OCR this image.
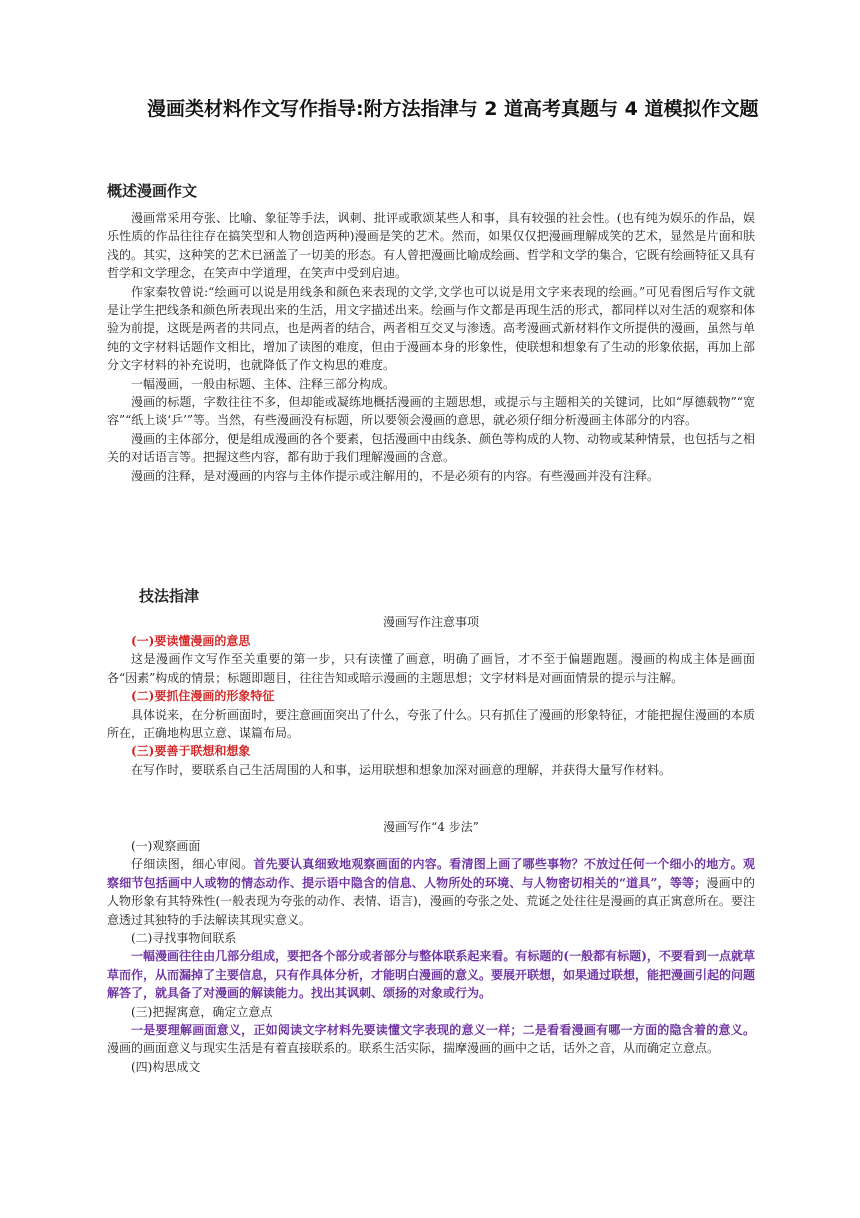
漫画类材料作文写作指导:附方法指津与 2 道高考真题与 4 道模拟作文题
概述漫画作文

漫画常采用夸张、比喻、象征等手法，讽刺、批评或歌颂某些人和事，具有较强的社会性。(也有纯为娱乐的作品，娱乐性质的作品往往存在搞笑型和人物创造两种)漫画是笑的艺术。然而，如果仅仅把漫画理解成笑的艺术，显然是片面和肤浅的。其实，这种笑的艺术已涵盖了一切美的形态。有人曾把漫画比喻成绘画、哲学和文学的集合，它既有绘画特征又具有哲学和文学理念，在笑声中学道理，在笑声中受到启迪。

作家秦牧曾说:“绘画可以说是用线条和颜色来表现的文学,文学也可以说是用文字来表现的绘画。”可见看图后写作文就是让学生把线条和颜色所表现出来的生活，用文字描述出来。绘画与作文都是再现生活的形式，都同样以对生活的观察和体验为前提，这既是两者的共同点，也是两者的结合，两者相互交叉与渗透。高考漫画式新材料作文所提供的漫画，虽然与单纯的文字材料话题作文相比，增加了读图的难度，但由于漫画本身的形象性，使联想和想象有了生动的形象依据，再加上部分文字材料的补充说明，也就降低了作文构思的难度。

一幅漫画，一般由标题、主体、注释三部分构成。

漫画的标题，字数往往不多，但却能或凝练地概括漫画的主题思想，或提示与主题相关的关键词，比如“厚德载物”“宽容”“纸上谈‘乒’”等。当然，有些漫画没有标题，所以要领会漫画的意思，就必须仔细分析漫画主体部分的内容。

漫画的主体部分，便是组成漫画的各个要素，包括漫画中由线条、颜色等构成的人物、动物或某种情景，也包括与之相关的对话语言等。把握这些内容，都有助于我们理解漫画的含意。

漫画的注释，是对漫画的内容与主体作提示或注解用的，不是必须有的内容。有些漫画并没有注释。

技法指津

漫画写作注意事项

(一)要读懂漫画的意思

这是漫画作文写作至关重要的第一步，只有读懂了画意，明确了画旨，才不至于偏题跑题。漫画的构成主体是画面各“因素”构成的情景；标题即题目，往往告知或暗示漫画的主题思想；文字材料是对画面情景的提示与注解。

(二)要抓住漫画的形象特征

具体说来，在分析画面时，要注意画面突出了什么，夸张了什么。只有抓住了漫画的形象特征，才能把握住漫画的本质所在，正确地构思立意、谋篇布局。

(三)要善于联想和想象

在写作时，要联系自己生活周围的人和事，运用联想和想象加深对画意的理解，并获得大量写作材料。

漫画写作“4 步法”

(一)观察画面

仔细读图，细心审阅。首先要认真细致地观察画面的内容。看清图上画了哪些事物？不放过任何一个细小的地方。观察细节包括画中人或物的情态动作、提示语中隐含的信息、人物所处的环境、与人物密切相关的“道具”，等等；漫画中的人物形象有其特殊性(一般表现为夸张的动作、表情、语言)，漫画的夸张之处、荒诞之处往往是漫画的真正寓意所在。要注意透过其独特的手法解读其现实意义。

(二)寻找事物间联系

一幅漫画往往由几部分组成，要把各个部分或者部分与整体联系起来看。有标题的(一般都有标题)，不要看到一点就草草而作，从而漏掉了主要信息，只有作具体分析，才能明白漫画的意义。要展开联想，如果通过联想，能把漫画引起的问题解答了，就具备了对漫画的解读能力。找出其讽刺、颂扬的对象或行为。

(三)把握寓意，确定立意点

一是要理解画面意义，正如阅读文字材料先要读懂文字表现的意义一样；二是看看漫画有哪一方面的隐含着的意义。漫画的画面意义与现实生活是有着直接联系的。联系生活实际，揣摩漫画的画中之话，话外之音，从而确定立意点。

(四)构思成文
